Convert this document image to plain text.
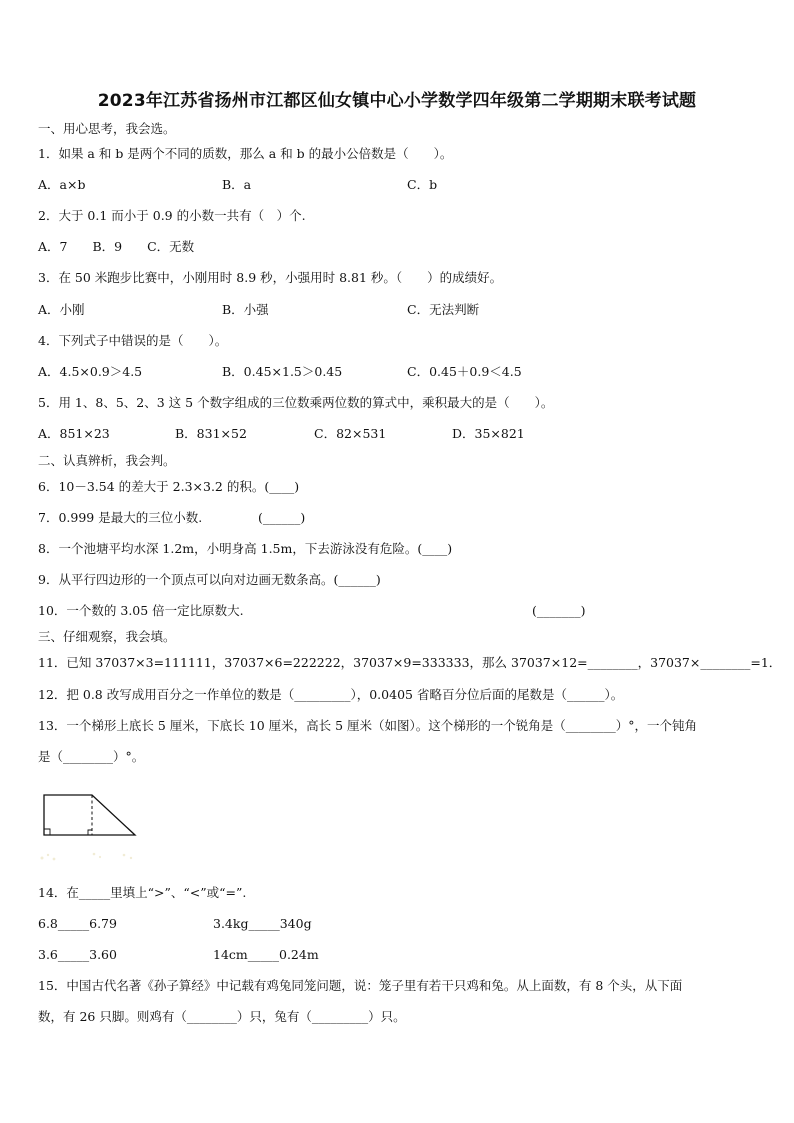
2023年江苏省扬州市江都区仙女镇中心小学数学四年级第二学期期末联考试题
一、用心思考，我会选。
1．如果 a 和 b 是两个不同的质数，那么 a 和 b 的最小公倍数是（　　）。
A．a×b	B．a	C．b
2．大于 0.1 而小于 0.9 的小数一共有（　）个.
A．7　　B．9　　C．无数
3．在 50 米跑步比赛中，小刚用时 8.9 秒，小强用时 8.81 秒。（　　）的成绩好。
A．小刚	B．小强	C．无法判断
4．下列式子中错误的是（　　）。
A．4.5×0.9＞4.5	B．0.45×1.5＞0.45	C．0.45＋0.9＜4.5
5．用 1、8、5、2、3 这 5 个数字组成的三位数乘两位数的算式中，乘积最大的是（　　）。
A．851×23	B．831×52	C．82×531	D．35×821
二、认真辨析，我会判。
6．10－3.54 的差大于 2.3×3.2 的积。(____)
7．0.999 是最大的三位小数.	(______)
8．一个池塘平均水深 1.2m，小明身高 1.5m，下去游泳没有危险。(____)
9．从平行四边形的一个顶点可以向对边画无数条高。(______)
10．一个数的 3.05 倍一定比原数大.	(_______)
三、仔细观察，我会填。
11．已知 37037×3=111111，37037×6=222222，37037×9=333333，那么 37037×12=________，37037×________=1．
12．把 0.8 改写成用百分之一作单位的数是（_________），0.0405 省略百分位后面的尾数是（______）。
13．一个梯形上底长 5 厘米，下底长 10 厘米，高长 5 厘米（如图）。这个梯形的一个锐角是（________）°，一个钝角
是（________）°。
14．在_____里填上“>”、“<”或“=”.
6.8_____6.79	3.4kg_____340g
3.6_____3.60	14cm_____0.24m
15．中国古代名著《孙子算经》中记载有鸡兔同笼问题，说：笼子里有若干只鸡和兔。从上面数，有 8 个头，从下面
数，有 26 只脚。则鸡有（________）只，兔有（_________）只。
